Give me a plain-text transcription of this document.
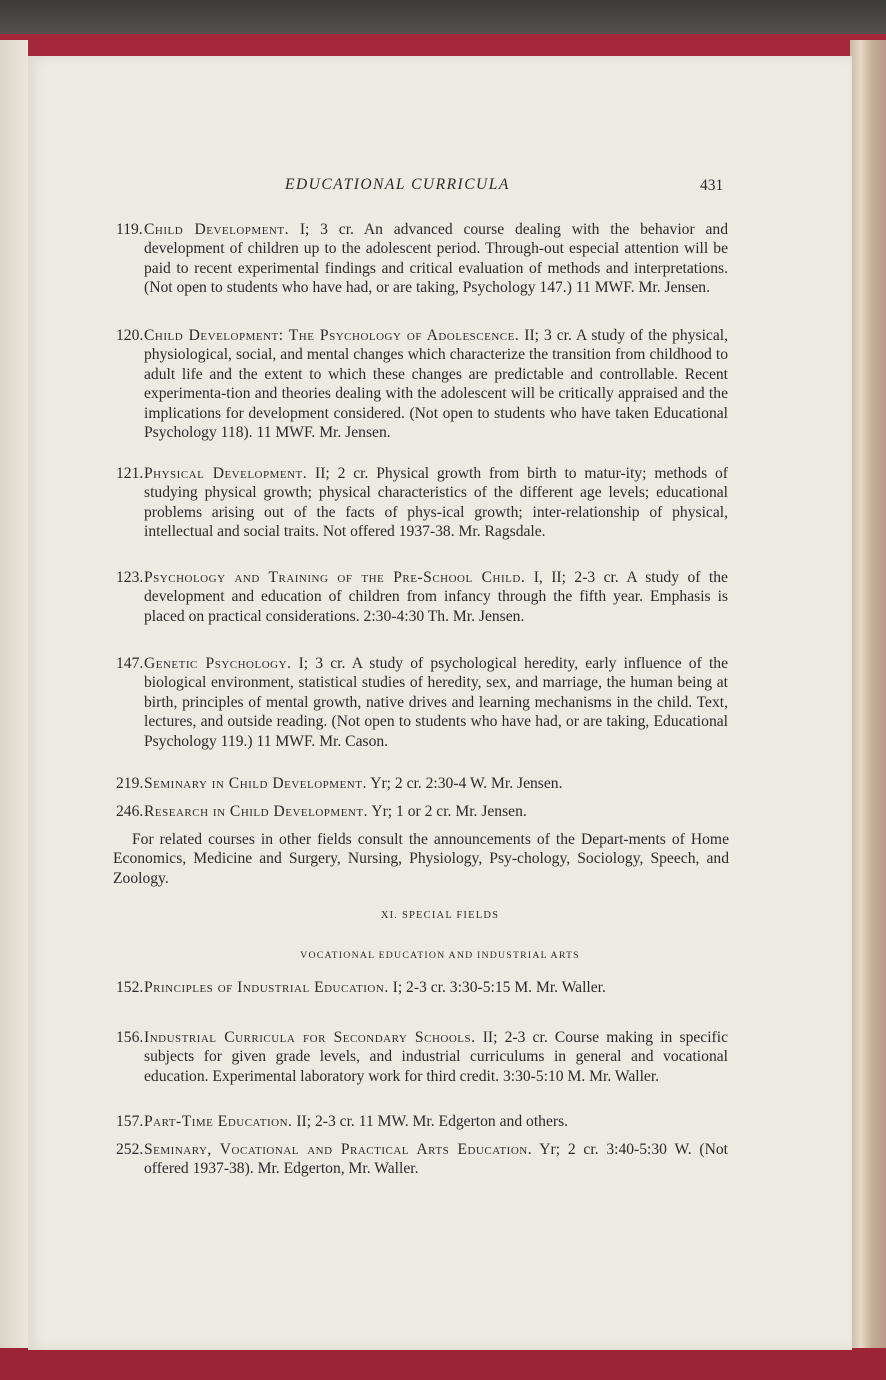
EDUCATIONAL CURRICULA	431
119. Child Development. I; 3 cr. An advanced course dealing with the behavior and development of children up to the adolescent period. Through-out especial attention will be paid to recent experimental findings and critical evaluation of methods and interpretations. (Not open to students who have had, or are taking, Psychology 147.) 11 MWF. Mr. Jensen.
120. Child Development: The Psychology of Adolescence. II; 3 cr. A study of the physical, physiological, social, and mental changes which characterize the transition from childhood to adult life and the extent to which these changes are predictable and controllable. Recent experimenta-tion and theories dealing with the adolescent will be critically appraised and the implications for development considered. (Not open to students who have taken Educational Psychology 118). 11 MWF. Mr. Jensen.
121. Physical Development. II; 2 cr. Physical growth from birth to matur-ity; methods of studying physical growth; physical characteristics of the different age levels; educational problems arising out of the facts of phys-ical growth; inter-relationship of physical, intellectual and social traits. Not offered 1937-38. Mr. Ragsdale.
123. Psychology and Training of the Pre-School Child. I, II; 2-3 cr. A study of the development and education of children from infancy through the fifth year. Emphasis is placed on practical considerations. 2:30-4:30 Th. Mr. Jensen.
147. Genetic Psychology. I; 3 cr. A study of psychological heredity, early influence of the biological environment, statistical studies of heredity, sex, and marriage, the human being at birth, principles of mental growth, native drives and learning mechanisms in the child. Text, lectures, and outside reading. (Not open to students who have had, or are taking, Educational Psychology 119.) 11 MWF. Mr. Cason.
219. Seminary in Child Development. Yr; 2 cr. 2:30-4 W. Mr. Jensen.
246. Research in Child Development. Yr; 1 or 2 cr. Mr. Jensen.
For related courses in other fields consult the announcements of the Depart-ments of Home Economics, Medicine and Surgery, Nursing, Physiology, Psy-chology, Sociology, Speech, and Zoology.
XI. SPECIAL FIELDS
VOCATIONAL EDUCATION AND INDUSTRIAL ARTS
152. Principles of Industrial Education. I; 2-3 cr. 3:30-5:15 M. Mr. Waller.
156. Industrial Curricula for Secondary Schools. II; 2-3 cr. Course making in specific subjects for given grade levels, and industrial curriculums in general and vocational education. Experimental laboratory work for third credit. 3:30-5:10 M. Mr. Waller.
157. Part-Time Education. II; 2-3 cr. 11 MW. Mr. Edgerton and others.
252. Seminary, Vocational and Practical Arts Education. Yr; 2 cr. 3:40-5:30 W. (Not offered 1937-38). Mr. Edgerton, Mr. Waller.
